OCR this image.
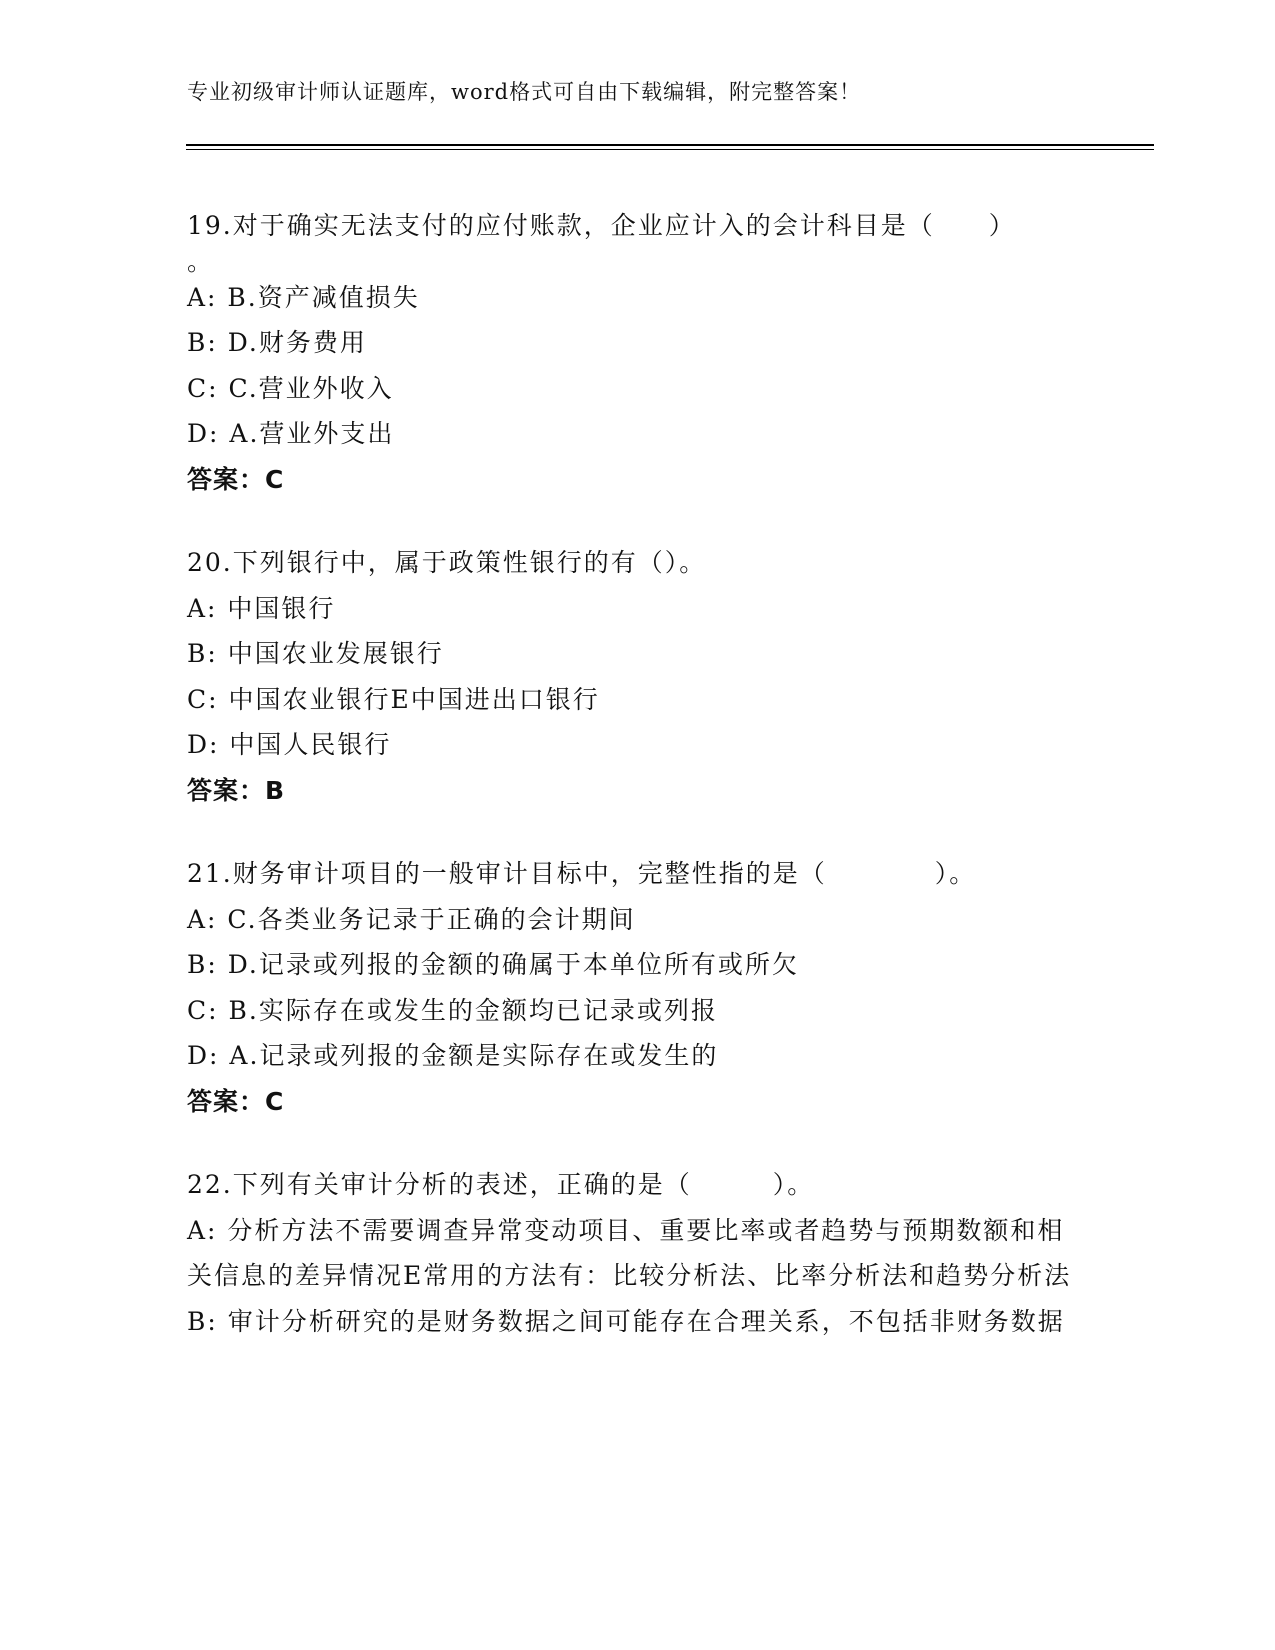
专业初级审计师认证题库，word格式可自由下载编辑，附完整答案！

19.对于确实无法支付的应付账款，企业应计入的会计科目是（　　）

。

A: B.资产减值损失

B: D.财务费用

C: C.营业外收入

D: A.营业外支出

答案：C

20.下列银行中，属于政策性银行的有（）。

A: 中国银行

B: 中国农业发展银行

C: 中国农业银行E中国进出口银行

D: 中国人民银行

答案：B

21.财务审计项目的一般审计目标中，完整性指的是（　　　　）。

A: C.各类业务记录于正确的会计期间

B: D.记录或列报的金额的确属于本单位所有或所欠

C: B.实际存在或发生的金额均已记录或列报

D: A.记录或列报的金额是实际存在或发生的

答案：C

22.下列有关审计分析的表述，正确的是（　　　）。

A: 分析方法不需要调查异常变动项目、重要比率或者趋势与预期数额和相关信息的差异情况E常用的方法有：比较分析法、比率分析法和趋势分析法

B: 审计分析研究的是财务数据之间可能存在合理关系，不包括非财务数据
